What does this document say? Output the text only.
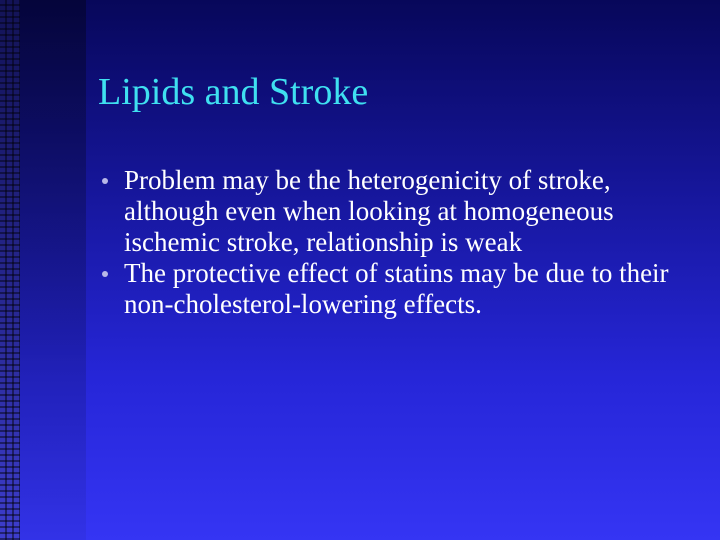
Lipids and Stroke
Problem may be the heterogenicity of stroke, although even when looking at homogeneous ischemic stroke, relationship is weak
The protective effect of statins may be due to their non-cholesterol-lowering effects.
